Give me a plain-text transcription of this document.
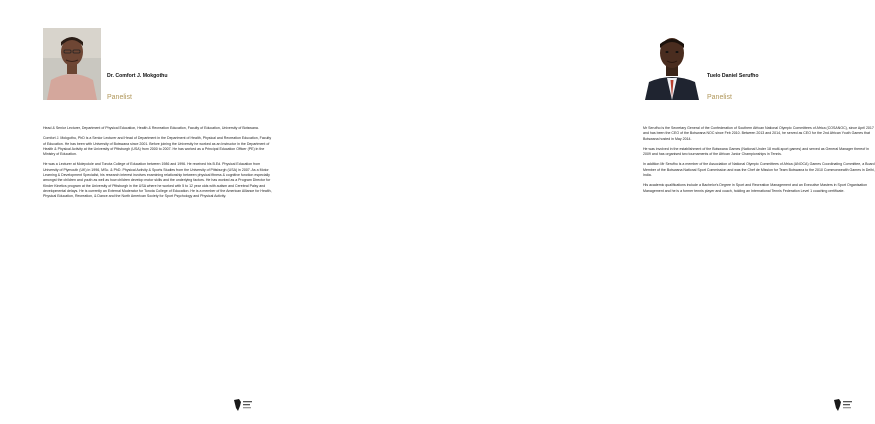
Dr. Comfort J. Mokgothu
Panelist

Head & Senior Lecturer, Department of Physical Education, Health & Recreation Education, Faculty of Education, University of Botswana.

Comfort J. Mokgothu, PhD is a Senior Lecturer and Head of Department in the Department of Health, Physical and Recreation Education, Faculty of Education. He has been with University of Botswana since 2001. Before joining the University he worked as an Instructor in the Department of Health & Physical Activity at the University of Pittsburgh (USA) from 2000 to 2007. He has worked as a Principal Education Officer (PE) in the Ministry of Education.

He was a Lecturer at Molepolole and Tonota College of Education between 1986 and 1996. He received his B.Ed. Physical Education from University of Plymouth (UK) in 1996, MSc. & PhD. Physical Activity & Sports Studies from the University of Pittsburgh (USA) in 2007. As a Motor Learning & Development Specialist, his research interest involves examining relationship between physical fitness & cognitive function especially amongst the children and youth as well as how children develop motor skills and the underlying factors. He has worked as a Program Director for Kinder Kinetics program at the University of Pittsburgh in the USA where he worked with 5 to 12 year olds with autism and Cerebral Palsy and developmental delays. He is currently an External Moderator for Tonota College of Education. He is a member of the American Alliance for Health, Physical Education, Recreation, & Dance and the North American Society for Sport Psychology and Physical Activity.

Tuelo Daniel Serufho
Panelist

Mr Serufho is the Secretary General of the Confederation of Southern African National Olympic Committees of Africa (COSANOC), since April 2017 and has been the CEO of the Botswana NOC since Feb 2010. Between 2013 and 2014, he served as CEO for the 2nd African Youth Games that Botswana hosted in May 2014.

He was involved in the establishment of the Botswana Games (National Under 18 multi-sport games) and served as General Manager thereof in 2009 and has organised two tournaments of the African Junior Championships in Tennis.

In addition Mr Serufho is a member of the Association of National Olympic Committees of Africa (ANOCA) Games Coordinating Committee, a Board Member of the Botswana National Sport Commission and was the Chef de Mission for Team Botswana to the 2010 Commonwealth Games in Delhi, India.

His academic qualifications include a Bachelor's Degree in Sport and Recreation Management and an Executive Masters in Sport Organisation Management and he is a former tennis player and coach, holding an International Tennis Federation Level 1 coaching certificate.
